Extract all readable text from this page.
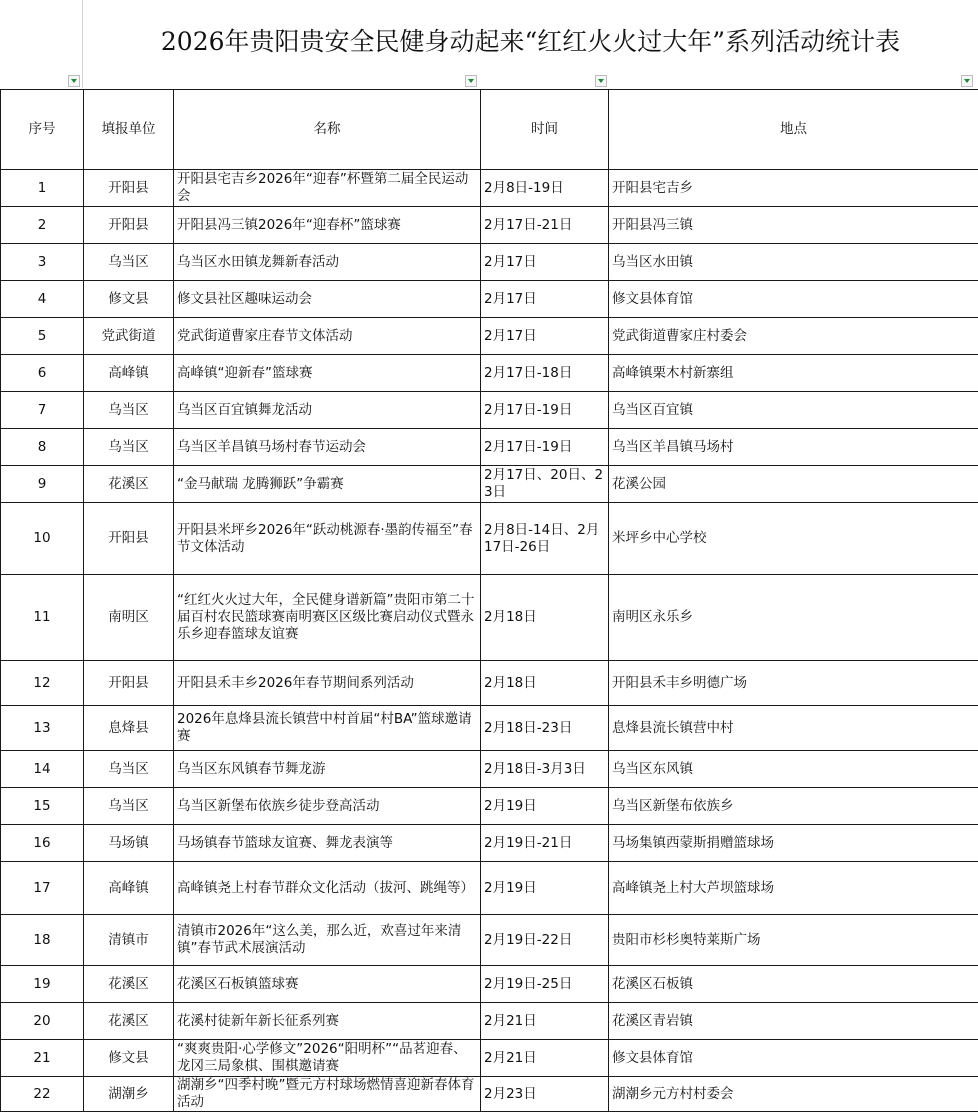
2026年贵阳贵安全民健身动起来“红红火火过大年”系列活动统计表
序号	填报单位	名称	时间	地点
1	开阳县	开阳县宅吉乡2026年“迎春”杯暨第二届全民运动会	2月8日-19日	开阳县宅吉乡
2	开阳县	开阳县冯三镇2026年“迎春杯”篮球赛	2月17日-21日	开阳县冯三镇
3	乌当区	乌当区水田镇龙舞新春活动	2月17日	乌当区水田镇
4	修文县	修文县社区趣味运动会	2月17日	修文县体育馆
5	党武街道	党武街道曹家庄春节文体活动	2月17日	党武街道曹家庄村委会
6	高峰镇	高峰镇“迎新春”篮球赛	2月17日-18日	高峰镇栗木村新寨组
7	乌当区	乌当区百宜镇舞龙活动	2月17日-19日	乌当区百宜镇
8	乌当区	乌当区羊昌镇马场村春节运动会	2月17日-19日	乌当区羊昌镇马场村
9	花溪区	“金马献瑞 龙腾狮跃”争霸赛	2月17日、20日、23日	花溪公园
10	开阳县	开阳县米坪乡2026年“跃动桃源春·墨韵传福至”春节文体活动	2月8日-14日、2月17日-26日	米坪乡中心学校
11	南明区	“红红火火过大年，全民健身谱新篇”贵阳市第二十届百村农民篮球赛南明赛区区级比赛启动仪式暨永乐乡迎春篮球友谊赛	2月18日	南明区永乐乡
12	开阳县	开阳县禾丰乡2026年春节期间系列活动	2月18日	开阳县禾丰乡明德广场
13	息烽县	2026年息烽县流长镇营中村首届“村BA”篮球邀请赛	2月18日-23日	息烽县流长镇营中村
14	乌当区	乌当区东风镇春节舞龙游	2月18日-3月3日	乌当区东风镇
15	乌当区	乌当区新堡布依族乡徒步登高活动	2月19日	乌当区新堡布依族乡
16	马场镇	马场镇春节篮球友谊赛、舞龙表演等	2月19日-21日	马场集镇西蒙斯捐赠篮球场
17	高峰镇	高峰镇尧上村春节群众文化活动（拔河、跳绳等）	2月19日	高峰镇尧上村大芦坝篮球场
18	清镇市	清镇市2026年“这么美，那么近，欢喜过年来清镇”春节武术展演活动	2月19日-22日	贵阳市杉杉奥特莱斯广场
19	花溪区	花溪区石板镇篮球赛	2月19日-25日	花溪区石板镇
20	花溪区	花溪村徒新年新长征系列赛	2月21日	花溪区青岩镇
21	修文县	“爽爽贵阳·心学修文”2026“阳明杯”“品茗迎春、龙冈三局象棋、围棋邀请赛	2月21日	修文县体育馆
22	湖潮乡	湖潮乡“四季村晚”暨元方村球场燃情喜迎新春体育活动	2月23日	湖潮乡元方村村委会
